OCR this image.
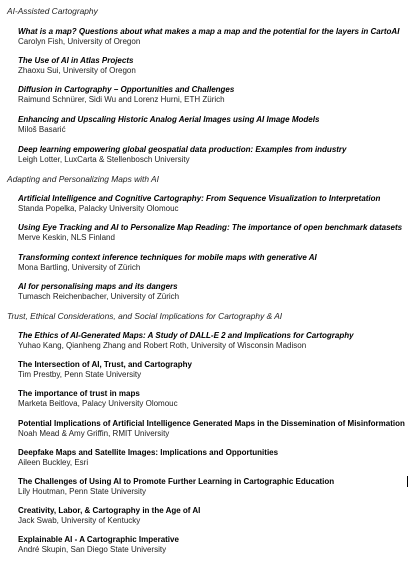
AI-Assisted Cartography

What is a map? Questions about what makes a map a map and the potential for the layers in CartoAI

Carolyn Fish, University of Oregon

The Use of AI in Atlas Projects

Zhaoxu Sui, University of Oregon

Diffusion in Cartography – Opportunities and Challenges

Raimund Schnürer, Sidi Wu and Lorenz Hurni, ETH Zürich

Enhancing and Upscaling Historic Analog Aerial Images using AI Image Models

Miloš Basarić

Deep learning empowering global geospatial data production: Examples from industry

Leigh Lotter, LuxCarta & Stellenbosch University

Adapting and Personalizing Maps with AI

Artificial Intelligence and Cognitive Cartography: From Sequence Visualization to Interpretation

Standa Popelka, Palacky University Olomouc

Using Eye Tracking and AI to Personalize Map Reading: The importance of open benchmark datasets

Merve Keskin, NLS Finland

Transforming context inference techniques for mobile maps with generative AI

Mona Bartling, University of Zürich

AI for personalising maps and its dangers

Tumasch Reichenbacher, University of Zürich

Trust, Ethical Considerations, and Social Implications for Cartography & AI

The Ethics of AI-Generated Maps: A Study of DALL-E 2 and Implications for Cartography

Yuhao Kang, Qianheng Zhang and Robert Roth, University of Wisconsin Madison

The Intersection of AI, Trust, and Cartography

Tim Prestby, Penn State University

The importance of trust in maps

Marketa Beitlova, Palacy University Olomouc

Potential Implications of Artificial Intelligence Generated Maps in the Dissemination of Misinformation

Noah Mead & Amy Griffin, RMIT University

Deepfake Maps and Satellite Images: Implications and Opportunities

Aileen Buckley, Esri

The Challenges of Using AI to Promote Further Learning in Cartographic Education

Lily Houtman, Penn State University

Creativity, Labor, & Cartography in the Age of AI

Jack Swab, University of Kentucky

Explainable AI - A Cartographic Imperative

André Skupin, San Diego State University
